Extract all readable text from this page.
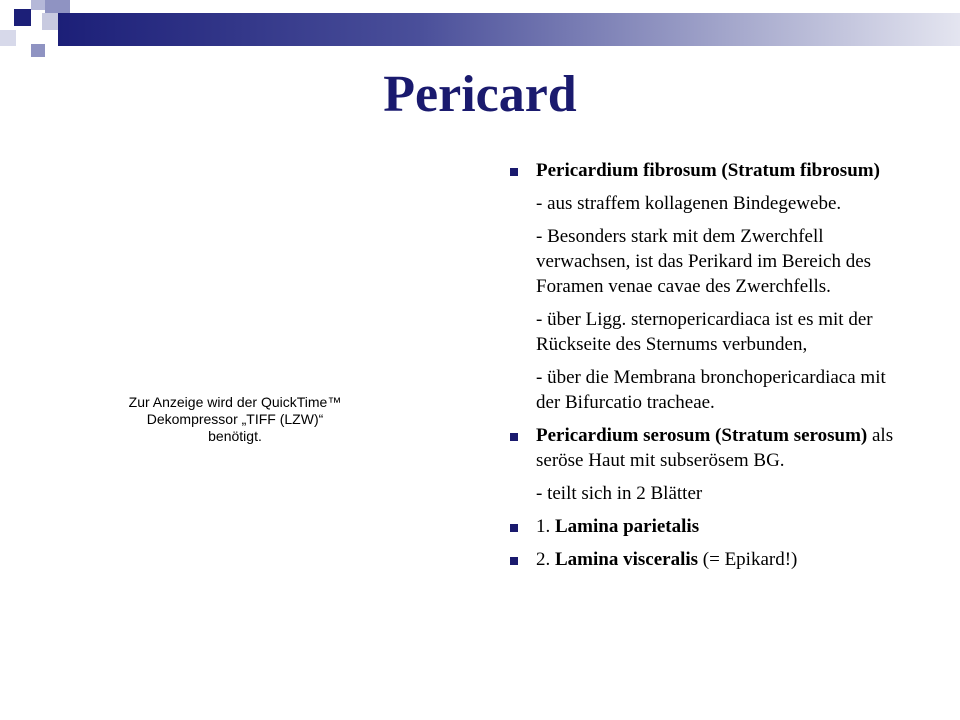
Pericard
Zur Anzeige wird der QuickTime™
Dekompressor „TIFF (LZW)“
benötigt.
Pericardium fibrosum (Stratum fibrosum)
- aus straffem kollagenen Bindegewebe.
- Besonders stark mit dem Zwerchfell verwachsen, ist das Perikard im Bereich des Foramen venae cavae des Zwerchfells.
- über Ligg. sternopericardiaca ist es mit der Rückseite des Sternums verbunden,
- über die Membrana bronchopericardiaca mit der Bifurcatio tracheae.
Pericardium serosum (Stratum serosum) als seröse Haut mit subserösem BG.
- teilt sich in 2 Blätter
1. Lamina parietalis
2. Lamina visceralis (= Epikard!)
